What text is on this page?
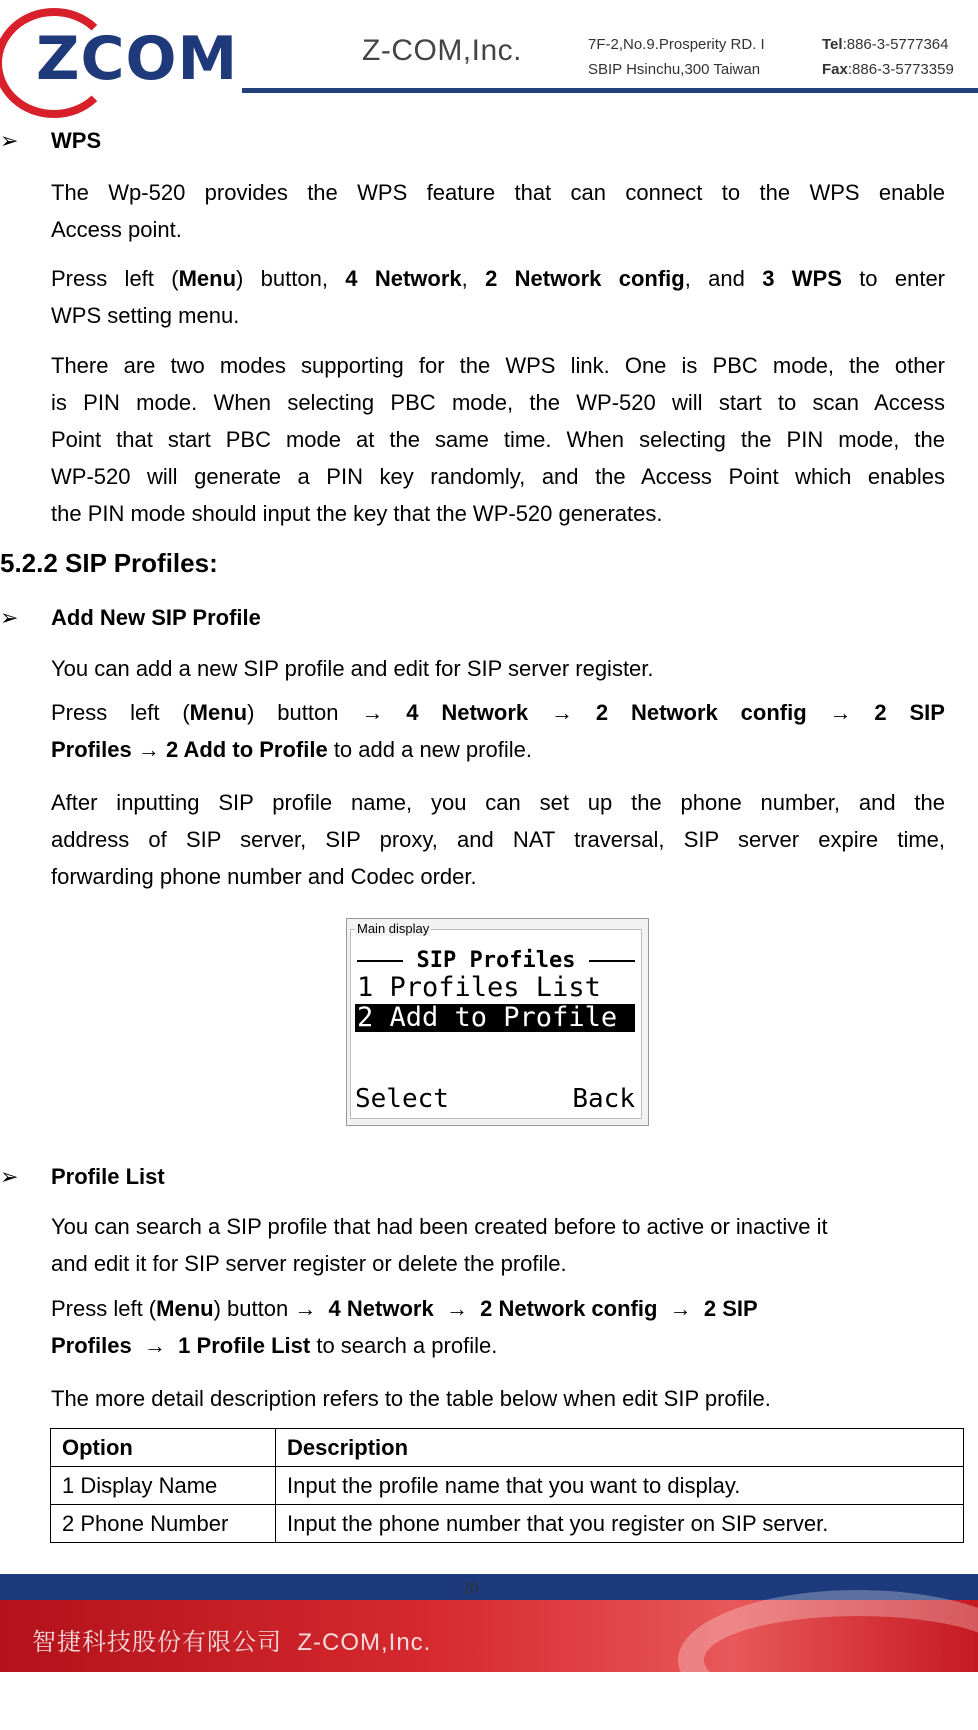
ZCOM	Z-COM,Inc.	7F-2,No.9.Prosperity RD. I
SBIP Hsinchu,300 Taiwan
Tel:886-3-5777364
Fax:886-3-5773359
➢ WPS
The Wp-520 provides the WPS feature that can connect to the WPS enable
Access point.
Press left (Menu) button, 4 Network, 2 Network config, and 3 WPS to enter
WPS setting menu.
There are two modes supporting for the WPS link. One is PBC mode, the other
is PIN mode. When selecting PBC mode, the WP-520 will start to scan Access
Point that start PBC mode at the same time. When selecting the PIN mode, the
WP-520 will generate a PIN key randomly, and the Access Point which enables
the PIN mode should input the key that the WP-520 generates.
5.2.2 SIP Profiles:
➢ Add New SIP Profile
You can add a new SIP profile and edit for SIP server register.
Press left (Menu) button → 4 Network → 2 Network config → 2 SIP
Profiles → 2 Add to Profile to add a new profile.
After inputting SIP profile name, you can set up the phone number, and the
address of SIP server, SIP proxy, and NAT traversal, SIP server expire time,
forwarding phone number and Codec order.
SIP Profiles
1 Profiles List
2 Add to Profile
Select	Back
Main display
➢ Profile List
You can search a SIP profile that had been created before to active or inactive it
and edit it for SIP server register or delete the profile.
Press left (Menu) button → 4 Network → 2 Network config → 2 SIP
Profiles → 1 Profile List to search a profile.
The more detail description refers to the table below when edit SIP profile.
Option	Description
1 Display Name	Input the profile name that you want to display.
2 Phone Number	Input the phone number that you register on SIP server.
20
智捷科技股份有限公司 Z-COM,Inc.
